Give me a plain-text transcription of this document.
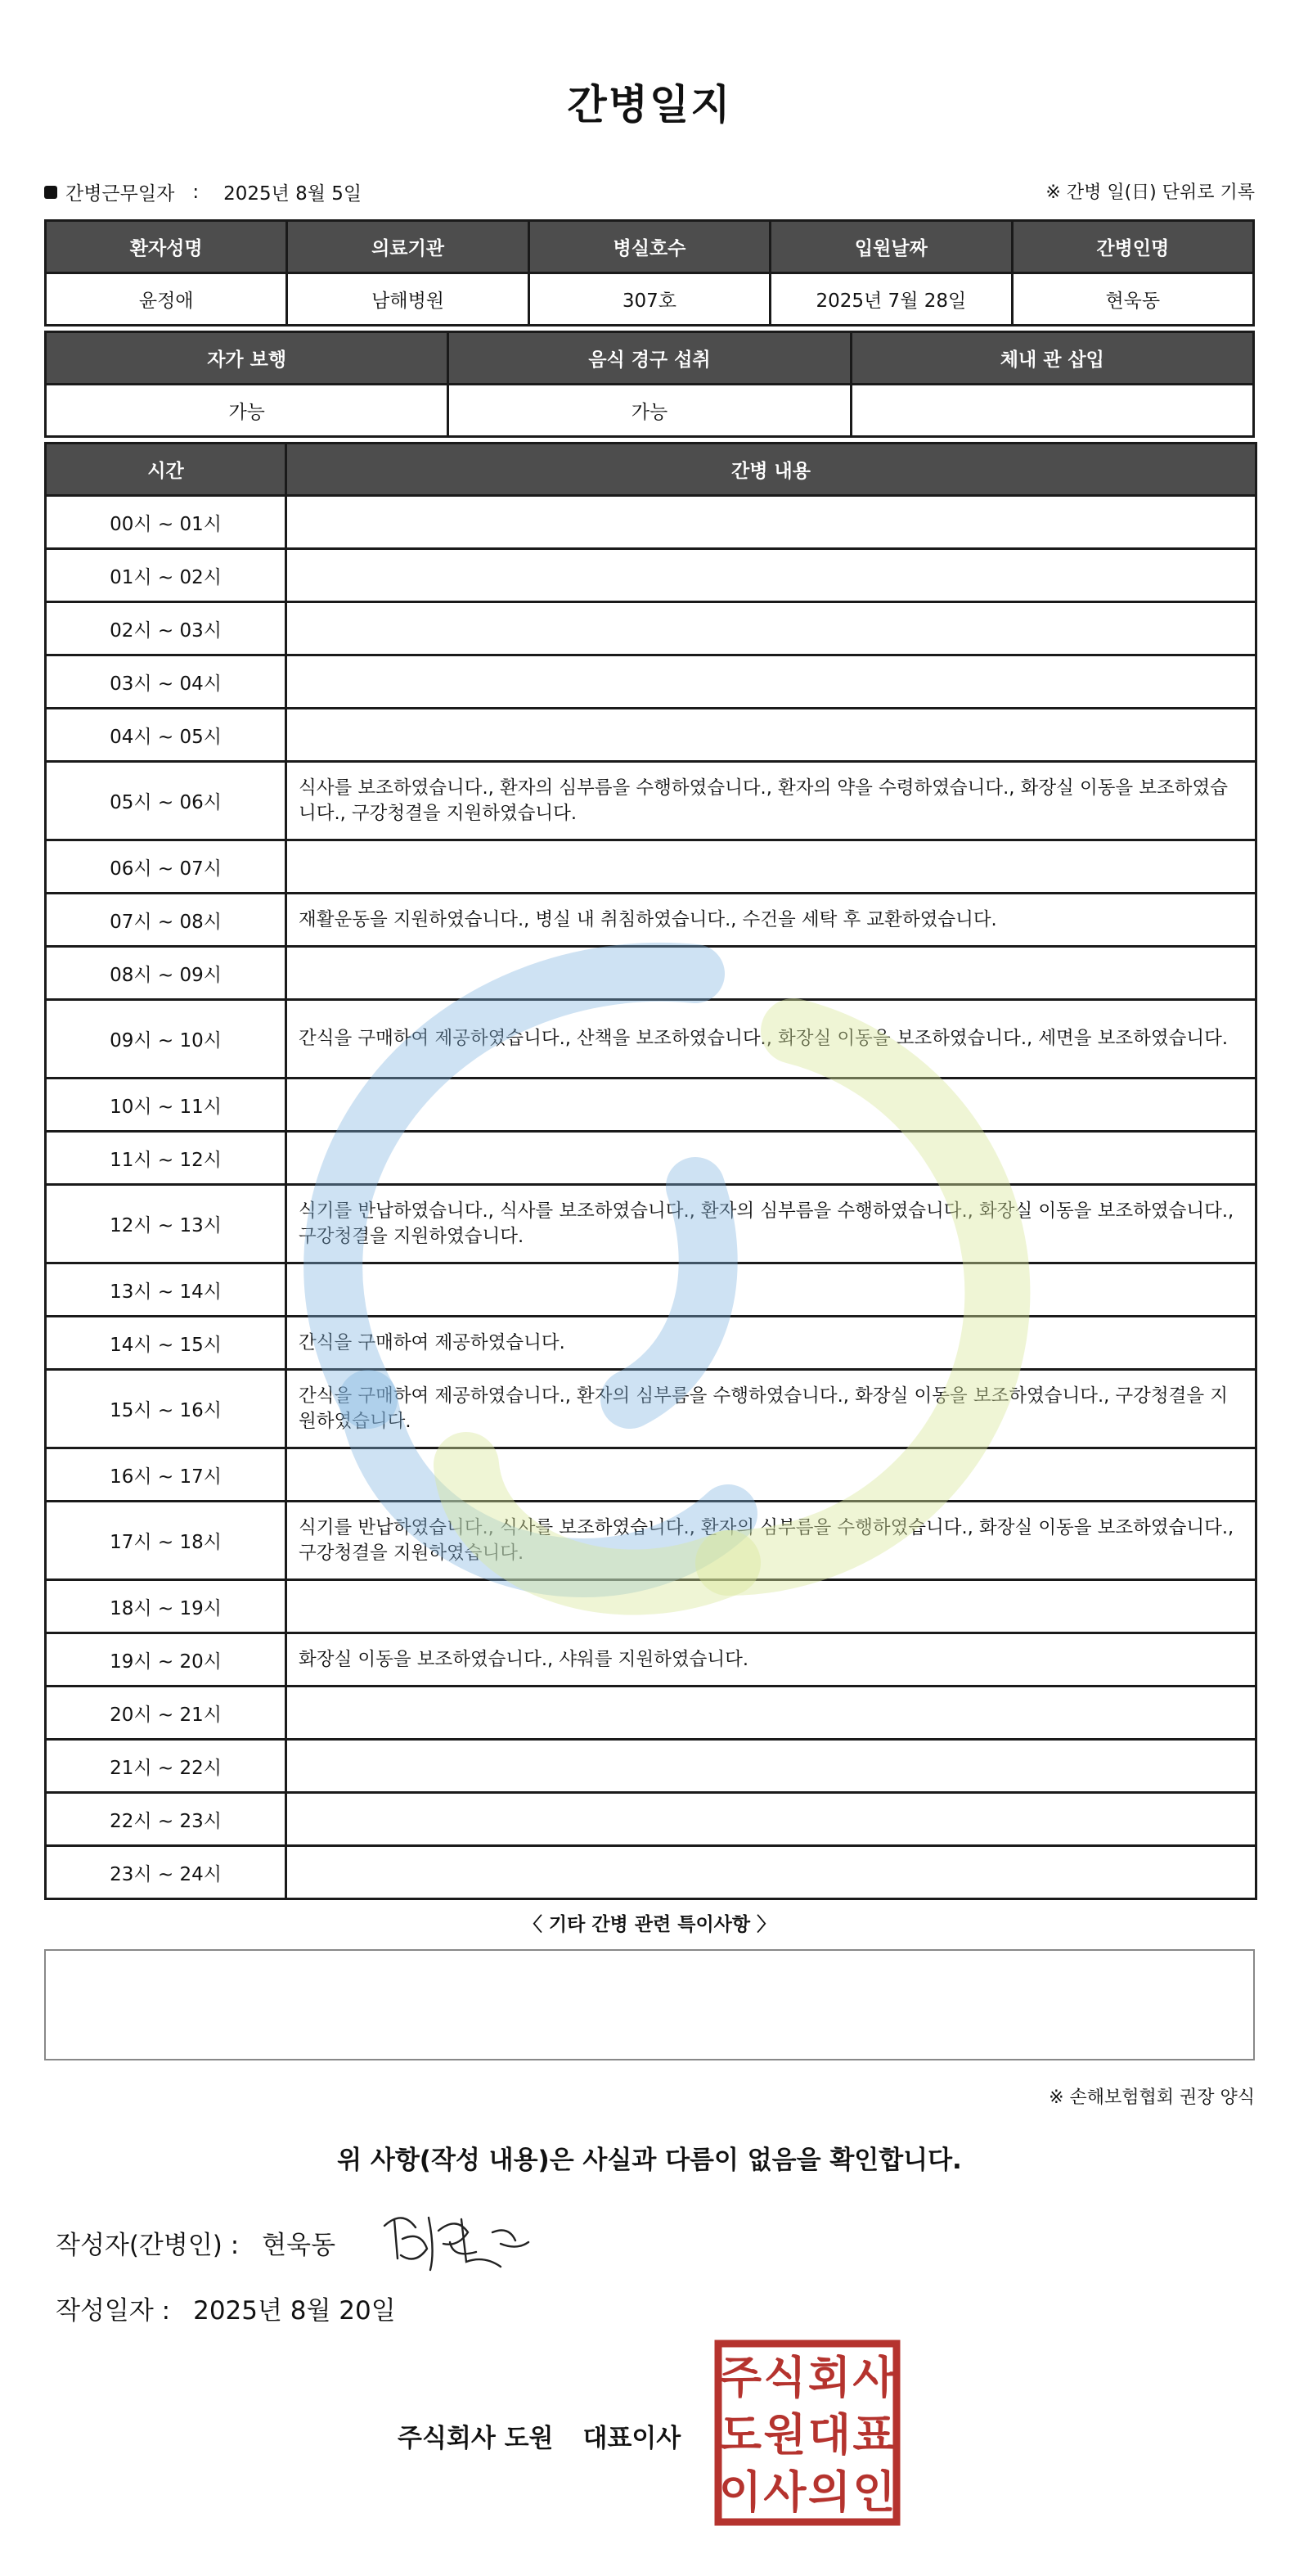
간병일지
간병근무일자 : 2025년 8월 5일	※ 간병 일(日) 단위로 기록
환자성명	의료기관	병실호수	입원날짜	간병인명
윤정애	남해병원	307호	2025년 7월 28일	현욱동
자가 보행	음식 경구 섭취	체내 관 삽입
가능	가능	
시간	간병 내용
00시 ~ 01시	
01시 ~ 02시	
02시 ~ 03시	
03시 ~ 04시	
04시 ~ 05시	
05시 ~ 06시	식사를 보조하였습니다., 환자의 심부름을 수행하였습니다., 환자의 약을 수령하였습니다., 화장실 이동을 보조하였습니다., 구강청결을 지원하였습니다.
06시 ~ 07시	
07시 ~ 08시	재활운동을 지원하였습니다., 병실 내 취침하였습니다., 수건을 세탁 후 교환하였습니다.
08시 ~ 09시	
09시 ~ 10시	간식을 구매하여 제공하였습니다., 산책을 보조하였습니다., 화장실 이동을 보조하였습니다., 세면을 보조하였습니다.
10시 ~ 11시	
11시 ~ 12시	
12시 ~ 13시	식기를 반납하였습니다., 식사를 보조하였습니다., 환자의 심부름을 수행하였습니다., 화장실 이동을 보조하였습니다., 구강청결을 지원하였습니다.
13시 ~ 14시	
14시 ~ 15시	간식을 구매하여 제공하였습니다.
15시 ~ 16시	간식을 구매하여 제공하였습니다., 환자의 심부름을 수행하였습니다., 화장실 이동을 보조하였습니다., 구강청결을 지원하였습니다.
16시 ~ 17시	
17시 ~ 18시	식기를 반납하였습니다., 식사를 보조하였습니다., 환자의 심부름을 수행하였습니다., 화장실 이동을 보조하였습니다., 구강청결을 지원하였습니다.
18시 ~ 19시	
19시 ~ 20시	화장실 이동을 보조하였습니다., 샤워를 지원하였습니다.
20시 ~ 21시	
21시 ~ 22시	
22시 ~ 23시	
23시 ~ 24시	
〈 기타 간병 관련 특이사항 〉
※ 손해보험협회 권장 양식
위 사항(작성 내용)은 사실과 다름이 없음을 확인합니다.
작성자(간병인) : 현욱동
작성일자 : 2025년 8월 20일
주식회사 도원 대표이사
주 식 회 사
도 원 대 표
이 사 의 인
